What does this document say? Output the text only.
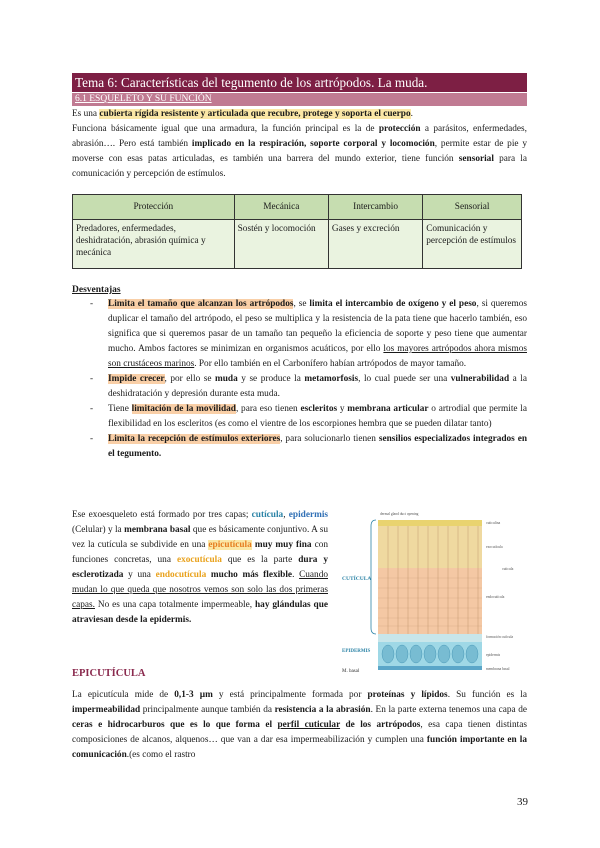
Tema 6: Características del tegumento de los artrópodos. La muda.
6.1 ESQUELETO Y SU FUNCIÓN
Es una cubierta rígida resistente y articulada que recubre, protege y soporta el cuerpo.
Funciona básicamente igual que una armadura, la función principal es la de protección a parásitos, enfermedades, abrasión…. Pero está también implicado en la respiración, soporte corporal y locomoción, permite estar de pie y moverse con esas patas articuladas, es también una barrera del mundo exterior, tiene función sensorial para la comunicación y percepción de estímulos.
Protección	Mecánica	Intercambio	Sensorial
Predadores, enfermedades, deshidratación, abrasión química y mecánica	Sostén y locomoción	Gases y excreción	Comunicación y percepción de estímulos
Desventajas
- Limita el tamaño que alcanzan los artrópodos, se limita el intercambio de oxígeno y el peso, si queremos duplicar el tamaño del artrópodo, el peso se multiplica y la resistencia de la pata tiene que hacerlo también, eso significa que si queremos pasar de un tamaño tan pequeño la eficiencia de soporte y peso tiene que aumentar mucho. Ambos factores se minimizan en organismos acuáticos, por ello los mayores artrópodos ahora mismos son crustáceos marinos. Por ello también en el Carbonífero habían artrópodos de mayor tamaño.
- Impide crecer, por ello se muda y se produce la metamorfosis, lo cual puede ser una vulnerabilidad a la deshidratación y depresión durante esta muda.
- Tiene limitación de la movilidad, para eso tienen escleritos y membrana articular o artrodial que permite la flexibilidad en los escleritos (es como el vientre de los escorpiones hembra que se pueden dilatar tanto)
- Limita la recepción de estímulos exteriores, para solucionarlo tienen sensilios especializados integrados en el tegumento.
Ese exoesqueleto está formado por tres capas; cutícula, epidermis (Celular) y la membrana basal que es básicamente conjuntivo. A su vez la cutícula se subdivide en una epicutícula muy muy fina con funciones concretas, una exocutícula que es la parte dura y esclerotizada y una endocutícula mucho más flexible. Cuando mudan lo que queda que nosotros vemos son solo las dos primeras capas. No es una capa totalmente impermeable, hay glándulas que atraviesan desde la epidermis.
CUTÍCULA
EPIDERMIS
M. basal
dermal gland duct opening
cuticulina
exocutícula
cuticula
endocutícula
formación cutícula
epidermis
membrana basal
EPICUTÍCULA
La epicutícula mide de 0,1-3 µm y está principalmente formada por proteínas y lípidos. Su función es la impermeabilidad principalmente aunque también da resistencia a la abrasión. En la parte externa tenemos una capa de ceras e hidrocarburos que es lo que forma el perfil cuticular de los artrópodos, esa capa tienen distintas composiciones de alcanos, alquenos… que van a dar esa impermeabilización y cumplen una función importante en la comunicación.(es como el rastro
39
